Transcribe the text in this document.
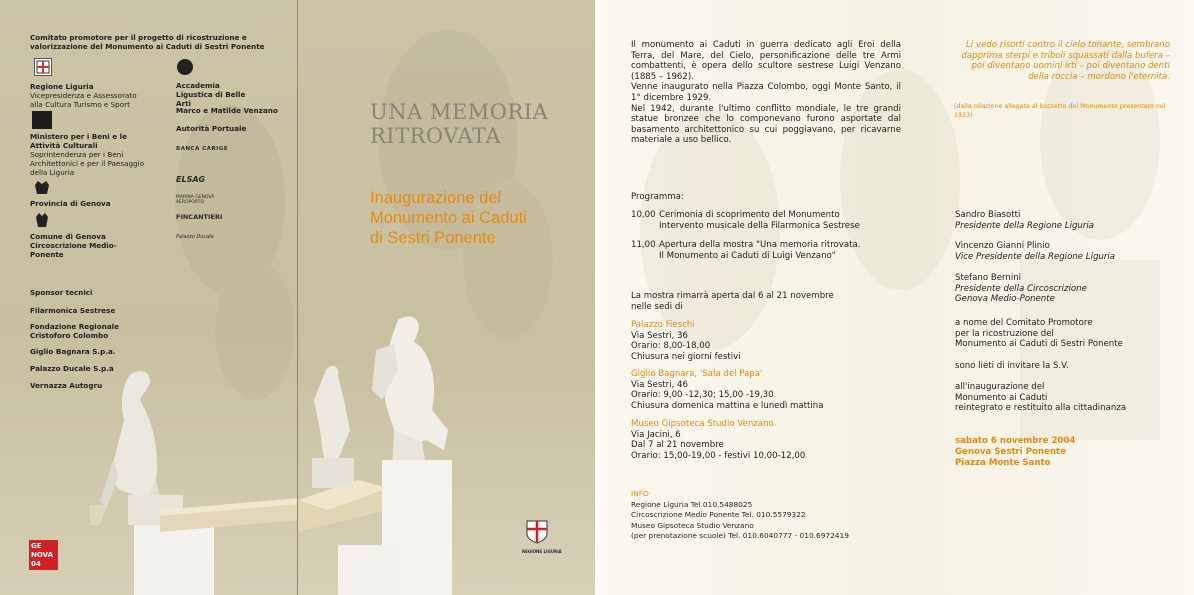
Comitato promotore per il progetto di ricostruzione e valorizzazione del Monumento ai Caduti di Sestri Ponente
Regione Liguria
Vicepresidenza e Assessorato alla Cultura Turismo e Sport
Ministero per i Beni e le Attività Culturali
Soprintendenza per i Beni Architettonici e per il Paesaggio della Liguria
Provincia di Genova
Comune di Genova
Circoscrizione Medio-Ponente
Accademia Ligustica di Belle Arti
Marco e Matilde Venzano
Autorità Portuale
BANCA CARIGE
ELSAG
MARINA GENOVA AEROPORTO
FINCANTIERI
Palazzo Ducale
Sponsor tecnici
Filarmonica Sestrese
Fondazione Regionale Cristoforo Colombo
Giglio Bagnara S.p.a.
Palazzo Ducale S.p.a
Vernazza Autogru
GE
NOVA
04
UNA MEMORIA
RITROVATA
Inaugurazione del
Monumento ai Caduti
di Sestri Ponente
REGIONE LIGURIA
Il monumento ai Caduti in guerra dedicato agli Eroi della Terra, del Mare, del Cielo, personificazione delle tre Armi combattenti, è opera dello scultore sestrese Luigi Venzano (1885 – 1962).
Venne inaugurato nella Piazza Colombo, oggi Monte Santo, il 1° dicembre 1929.
Nel 1942, durante l'ultimo conflitto mondiale, le tre grandi statue bronzee che lo componevano furono asportate dal basamento architettonico su cui poggiavano, per ricavarne materiale a uso bellico.
Li vedo risorti contro il cielo tonante, sembrano dapprima sterpi e triboli squassati dalla bufera – poi diventano uomini irti – poi diventano denti della roccia – mordono l'eternità.
(dalla relazione allegata al bozzetto del Monumento presentato nel 1923)
Programma:
10,00 Cerimonia di scoprimento del Monumento
Intervento musicale della Filarmonica Sestrese
11,00 Apertura della mostra "Una memoria ritrovata.
Il Monumento ai Caduti di Luigi Venzano"
La mostra rimarrà aperta dal 6 al 21 novembre
nelle sedi di
Palazzo Fieschi
Via Sestri, 36
Orario: 8,00-18,00
Chiusura nei giorni festivi
Giglio Bagnara, 'Sala del Papa'
Via Sestri, 46
Orario: 9,00 -12,30; 15,00 -19,30
Chiusura domenica mattina e lunedì mattina
Museo Gipsoteca Studio Venzano
Via Jacini, 6
Dal 7 al 21 novembre
Orario: 15,00-19,00 - festivi 10,00-12,00
INFO
Regione Liguria Tel.010.5488025
Circoscrizione Medio Ponente Tel. 010.5579322
Museo Gipsoteca Studio Venzano
(per prenotazione scuole) Tel. 010.6040777 - 010.6972419
Sandro Biasotti
Presidente della Regione Liguria
Vincenzo Gianni Plinio
Vice Presidente della Regione Liguria
Stefano Bernini
Presidente della Circoscrizione
Genova Medio-Ponente
a nome del Comitato Promotore
per la ricostruzione del
Monumento ai Caduti di Sestri Ponente
sono lieti di invitare la S.V.
all'inaugurazione del
Monumento ai Caduti
reintegrato e restituito alla cittadinanza
sabato 6 novembre 2004
Genova Sestri Ponente
Piazza Monte Santo
